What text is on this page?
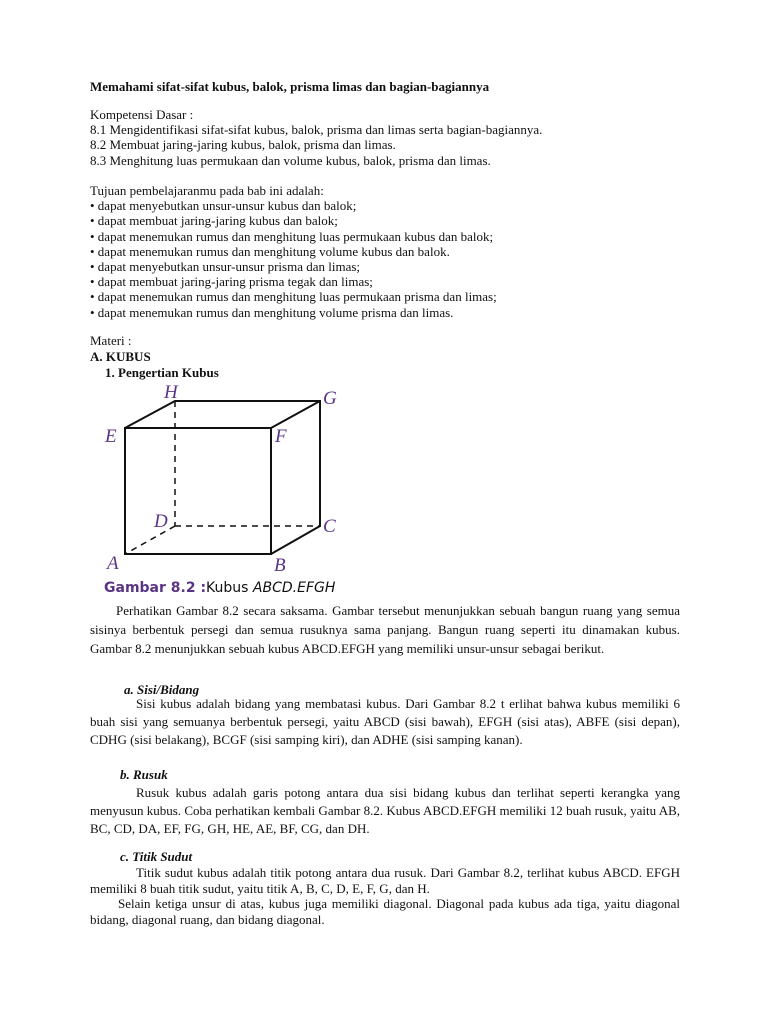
Memahami sifat-sifat kubus, balok, prisma limas dan bagian-bagiannya
Kompetensi Dasar :
8.1 Mengidentifikasi sifat-sifat kubus, balok, prisma dan limas serta bagian-bagiannya.
8.2 Membuat jaring-jaring kubus, balok, prisma dan limas.
8.3 Menghitung luas permukaan dan volume kubus, balok, prisma dan limas.
Tujuan pembelajaranmu pada bab ini adalah:
• dapat menyebutkan unsur-unsur kubus dan balok;
• dapat membuat jaring-jaring kubus dan balok;
• dapat menemukan rumus dan menghitung luas permukaan kubus dan balok;
• dapat menemukan rumus dan menghitung volume kubus dan balok.
• dapat menyebutkan unsur-unsur prisma dan limas;
• dapat membuat jaring-jaring prisma tegak dan limas;
• dapat menemukan rumus dan menghitung luas permukaan prisma dan limas;
• dapat menemukan rumus dan menghitung volume prisma dan limas.
Materi :
A. KUBUS
1. Pengertian Kubus
H	G
E	F
D	C
A	B
Gambar 8.2 :Kubus ABCD.EFGH
Perhatikan Gambar 8.2 secara saksama. Gambar tersebut menunjukkan sebuah bangun ruang yang semua sisinya berbentuk persegi dan semua rusuknya sama panjang. Bangun ruang seperti itu dinamakan kubus. Gambar 8.2 menunjukkan sebuah kubus ABCD.EFGH yang memiliki unsur-unsur sebagai berikut.
a. Sisi/Bidang
Sisi kubus adalah bidang yang membatasi kubus. Dari Gambar 8.2 t erlihat bahwa kubus memiliki 6 buah sisi yang semuanya berbentuk persegi, yaitu ABCD (sisi bawah), EFGH (sisi atas), ABFE (sisi depan), CDHG (sisi belakang), BCGF (sisi samping kiri), dan ADHE (sisi samping kanan).
b. Rusuk
Rusuk kubus adalah garis potong antara dua sisi bidang kubus dan terlihat seperti kerangka yang menyusun kubus. Coba perhatikan kembali Gambar 8.2. Kubus ABCD.EFGH memiliki 12 buah rusuk, yaitu AB, BC, CD, DA, EF, FG, GH, HE, AE, BF, CG, dan DH.
c. Titik Sudut
Titik sudut kubus adalah titik potong antara dua rusuk. Dari Gambar 8.2, terlihat kubus ABCD. EFGH memiliki 8 buah titik sudut, yaitu titik A, B, C, D, E, F, G, dan H.
Selain ketiga unsur di atas, kubus juga memiliki diagonal. Diagonal pada kubus ada tiga, yaitu diagonal bidang, diagonal ruang, dan bidang diagonal.
